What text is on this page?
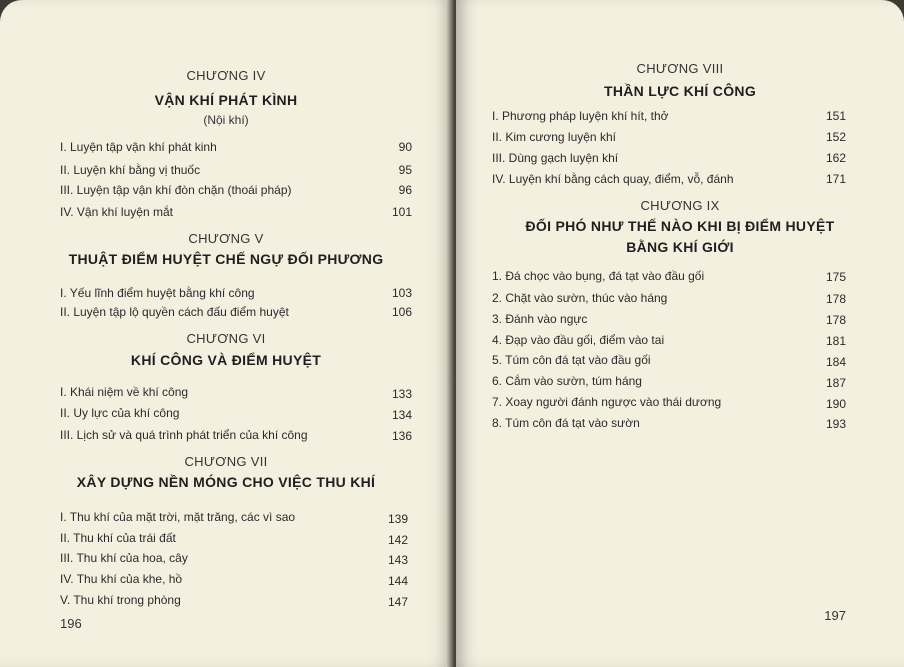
CHƯƠNG IV
VẬN KHÍ PHÁT KÌNH
(Nội khí)
I. Luyện tập vận khí phát kinh	90
II. Luyện khí bằng vị thuốc	95
III. Luyện tập vận khí đòn chặn (thoái pháp)	96
IV. Vận khí luyện mắt	101
CHƯƠNG V
THUẬT ĐIỂM HUYỆT CHẾ NGỰ ĐỐI PHƯƠNG
I. Yếu lĩnh điểm huyệt bằng khí công	103
II. Luyện tập lộ quyền cách đấu điểm huyệt	106
CHƯƠNG VI
KHÍ CÔNG VÀ ĐIỂM HUYỆT
I. Khái niệm về khí công	133
II. Uy lực của khí công	134
III. Lịch sử và quá trình phát triển của khí công	136
CHƯƠNG VII
XÂY DỰNG NỀN MÓNG CHO VIỆC THU KHÍ
I. Thu khí của mặt trời, mặt trăng, các vì sao	139
II. Thu khí của trái đất	142
III. Thu khí của hoa, cây	143
IV. Thu khí của khe, hồ	144
V. Thu khí trong phòng	147
196
CHƯƠNG VIII
THẦN LỰC KHÍ CÔNG
I. Phương pháp luyện khí hít, thở	151
II. Kim cương luyện khí	152
III. Dùng gạch luyện khí	162
IV. Luyện khí bằng cách quay, điểm, vỗ, đánh	171
CHƯƠNG IX
ĐỐI PHÓ NHƯ THẾ NÀO KHI BỊ ĐIỂM HUYỆT
BẰNG KHÍ GIỚI
1. Đá chọc vào bụng, đá tạt vào đầu gối	175
2. Chặt vào sườn, thúc vào háng	178
3. Đánh vào ngực	178
4. Đạp vào đầu gối, điểm vào tai	181
5. Túm côn đá tạt vào đầu gối	184
6. Cắm vào sườn, túm háng	187
7. Xoay người đánh ngược vào thái dương	190
8. Túm côn đá tạt vào sườn	193
197
